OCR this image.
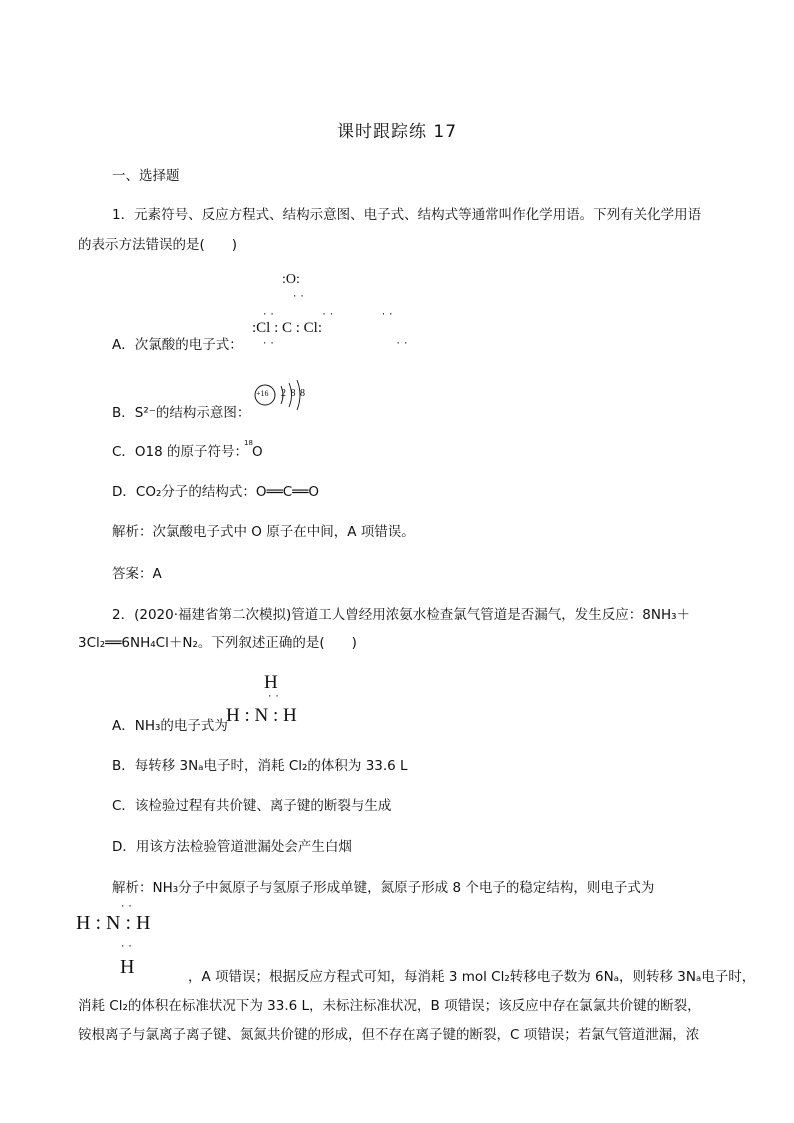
课时跟踪练 17
一、选择题
1．元素符号、反应方程式、结构示意图、电子式、结构式等通常叫作化学用语。下列有关化学用语
的表示方法错误的是(　　)
A．次氯酸的电子式：
:O:
··
··      ··      ··
:Cl : C : Cl:
··                ··
B．S²⁻的结构示意图：
+16 2 8 8
C．O18 的原子符号：
18
O
D．CO₂分子的结构式：O══C══O
解析：次氯酸电子式中 O 原子在中间，A 项错误。
答案：A
2．(2020·福建省第二次模拟)管道工人曾经用浓氨水检查氯气管道是否漏气，发生反应：8NH₃＋
3Cl₂══6NH₄Cl＋N₂。下列叙述正确的是(　　)
A．NH₃的电子式为
H
··
H : N : H
B．每转移 3Nₐ电子时，消耗 Cl₂的体积为 33.6 L
C．该检验过程有共价键、离子键的断裂与生成
D．用该方法检验管道泄漏处会产生白烟
解析：NH₃分子中氮原子与氢原子形成单键，氮原子形成 8 个电子的稳定结构，则电子式为
··
H : N : H
··
H	，A 项错误；根据反应方程式可知，每消耗 3 mol Cl₂转移电子数为 6Nₐ，则转移 3Nₐ电子时，
消耗 Cl₂的体积在标准状况下为 33.6 L，未标注标准状况，B 项错误；该反应中存在氯氯共价键的断裂，
铵根离子与氯离子离子键、氮氮共价键的形成，但不存在离子键的断裂，C 项错误；若氯气管道泄漏，浓
